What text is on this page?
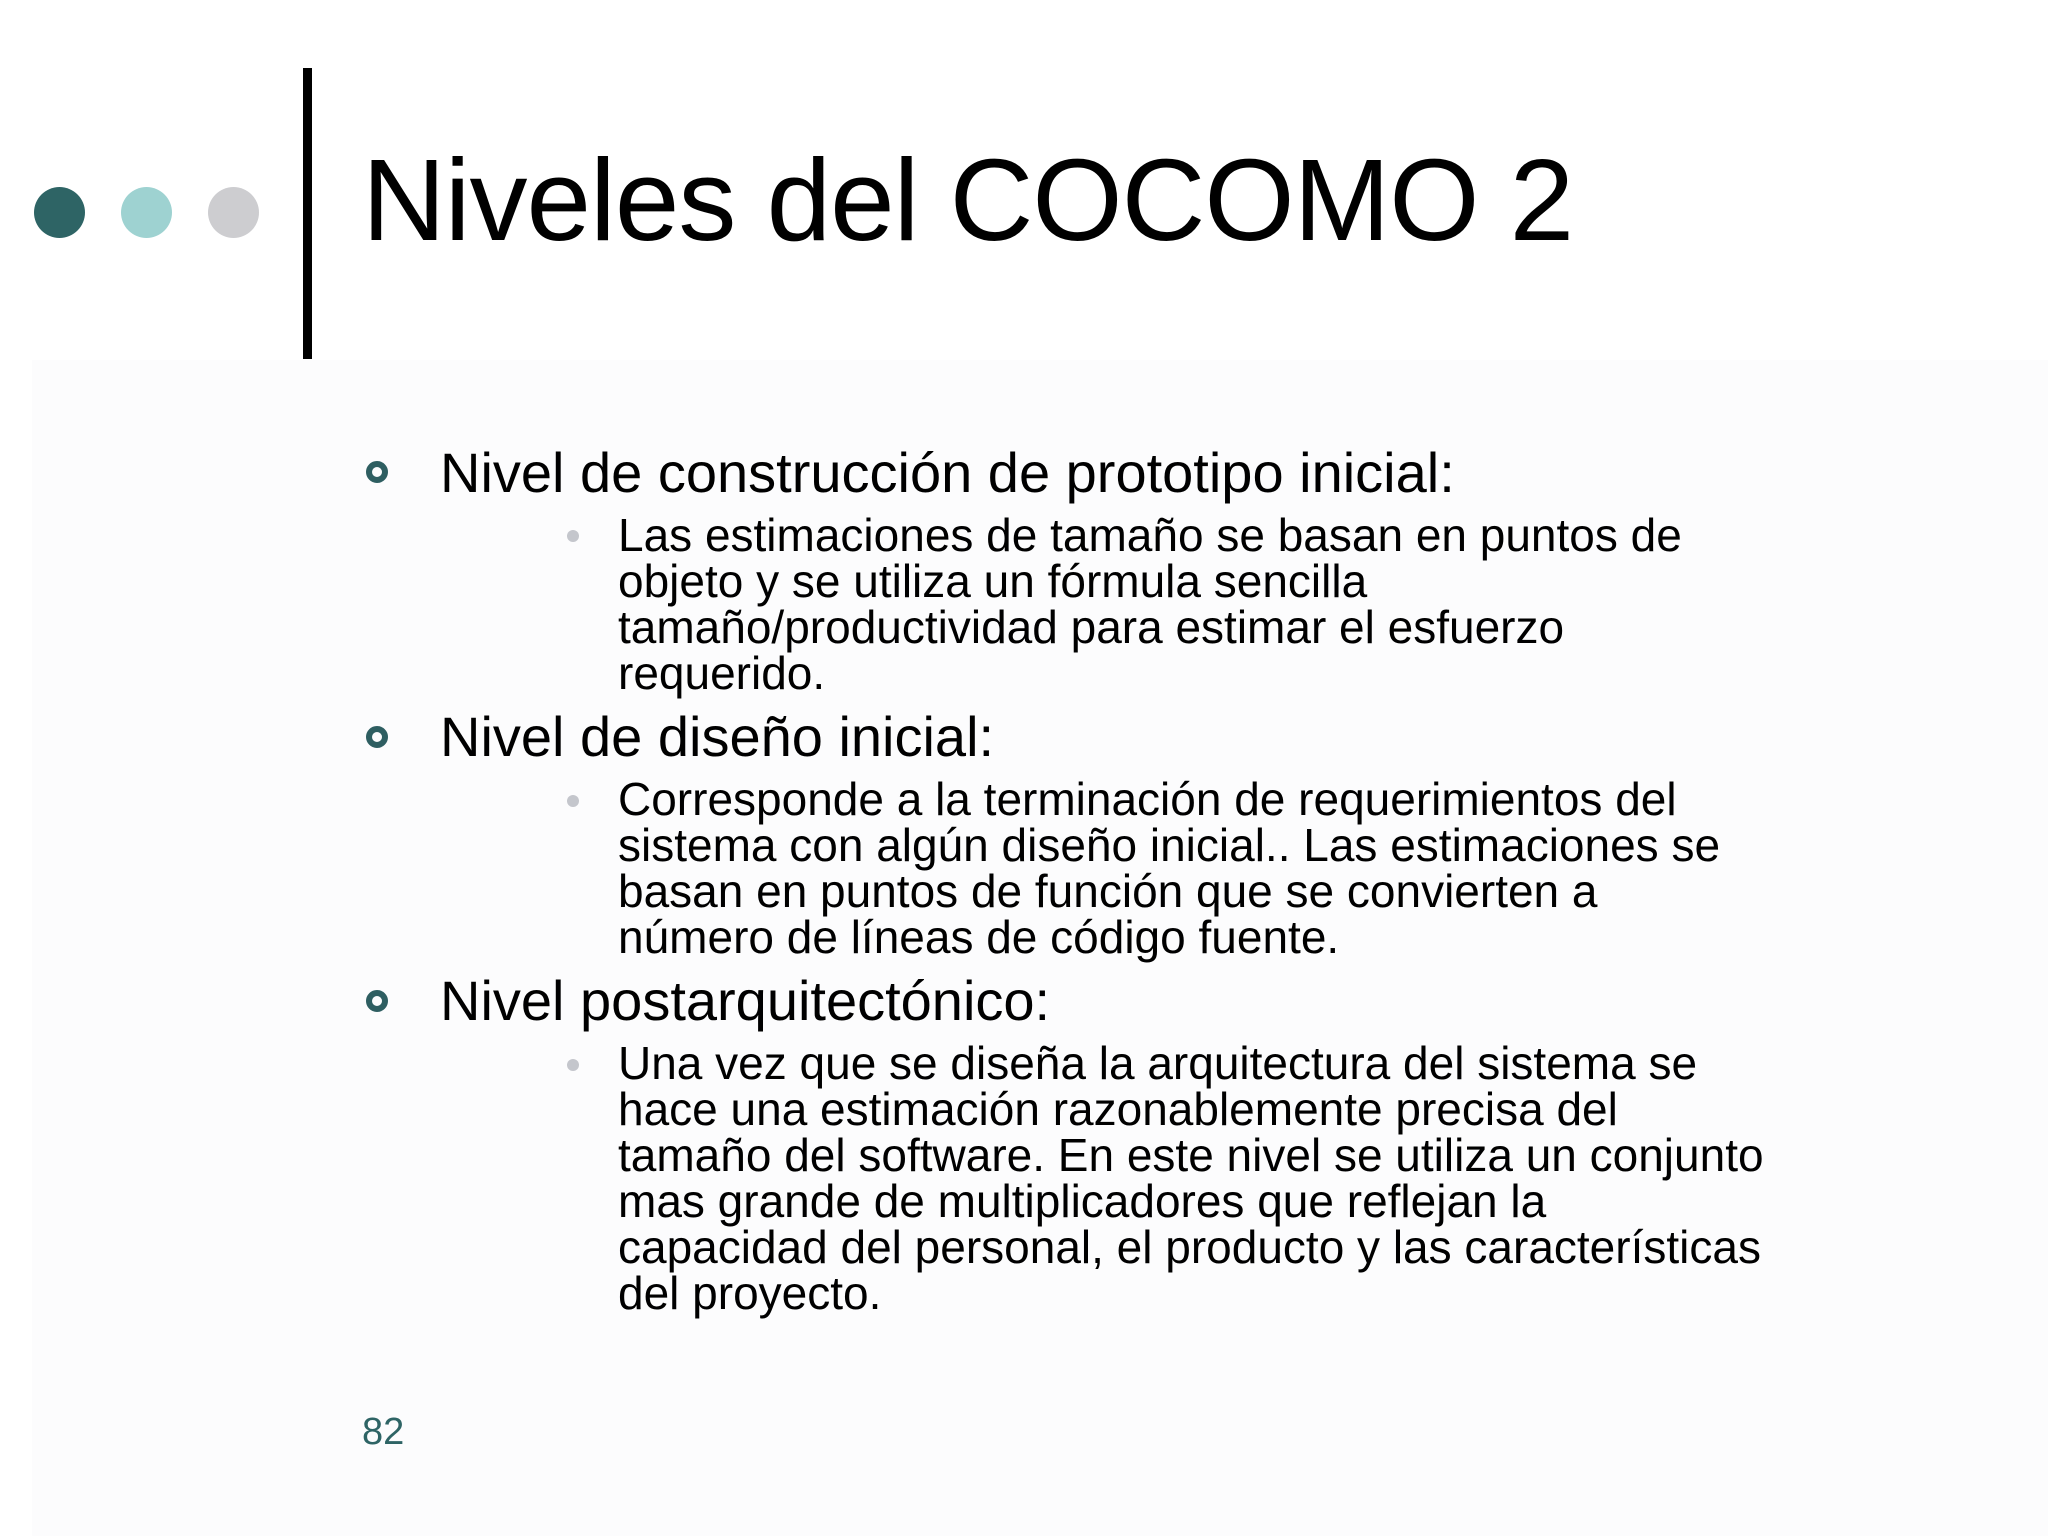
Niveles del COCOMO 2

Nivel de construcción de prototipo inicial:

Las estimaciones de tamaño se basan en puntos de
objeto y se utiliza un fórmula sencilla
tamaño/productividad para estimar el esfuerzo
requerido.

Nivel de diseño inicial:

Corresponde a la terminación de requerimientos del
sistema con algún diseño inicial.. Las estimaciones se
basan en puntos de función que se convierten a
número de líneas de código fuente.

Nivel postarquitectónico:

Una vez que se diseña la arquitectura del sistema se
hace una estimación razonablemente precisa del
tamaño del software. En este nivel se utiliza un conjunto
mas grande de multiplicadores que reflejan la
capacidad del personal, el producto y las características
del proyecto.

82
